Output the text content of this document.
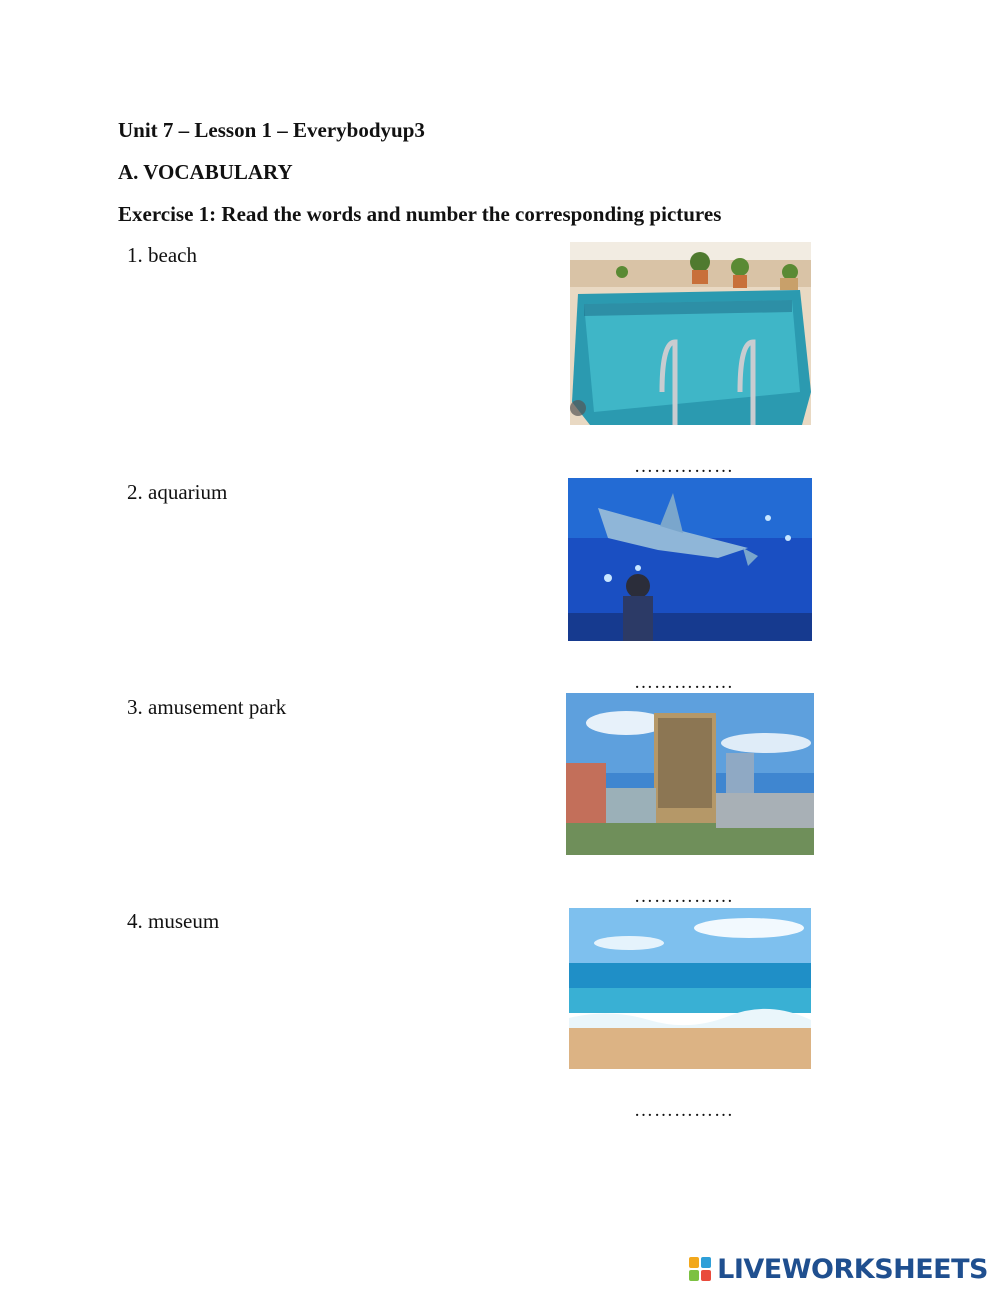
Unit 7 – Lesson 1 – Everybodyup3
A. VOCABULARY
Exercise 1: Read the words and number the corresponding pictures
1. beach
2. aquarium
3. amusement park
4. museum
……………
……………
……………
……………
LIVEWORKSHEETS
